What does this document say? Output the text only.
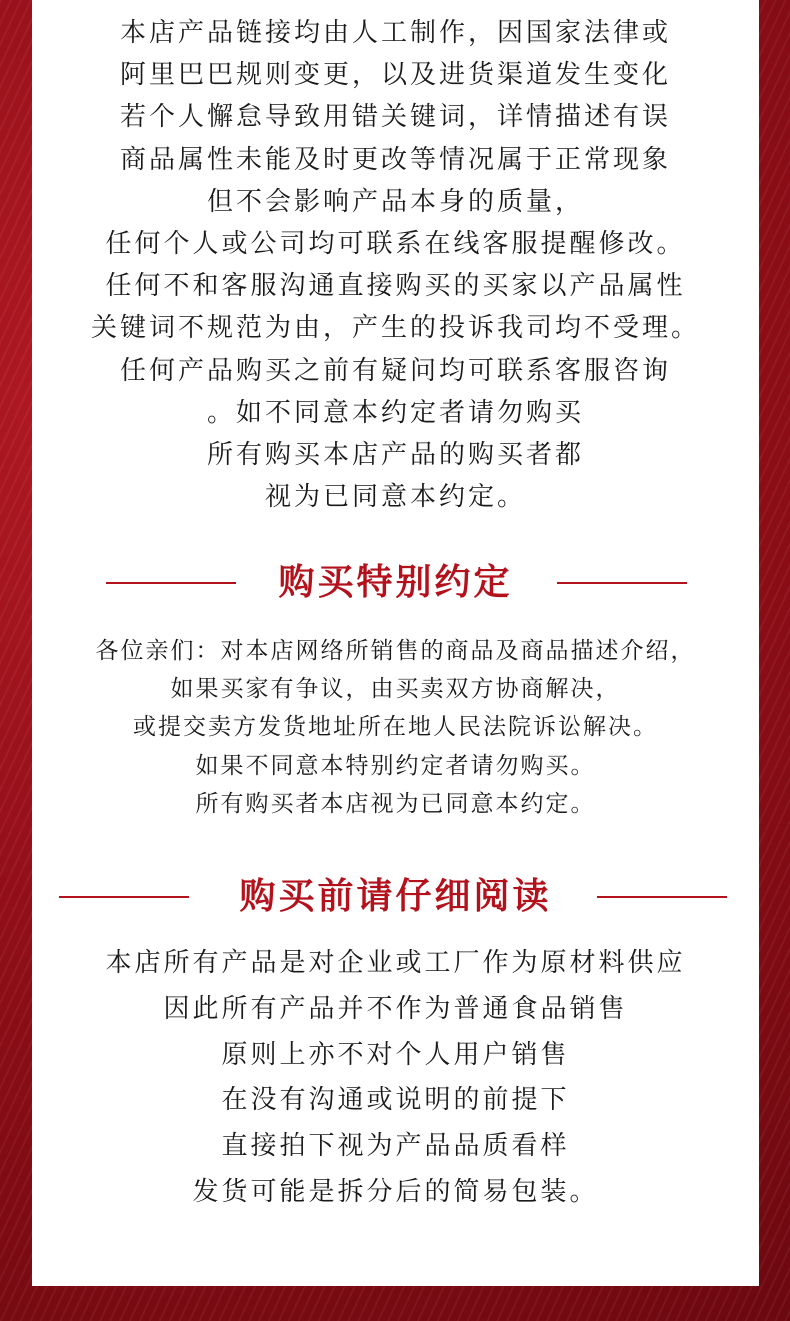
本店产品链接均由人工制作，因国家法律或
阿里巴巴规则变更，以及进货渠道发生变化
若个人懈怠导致用错关键词，详情描述有误
商品属性未能及时更改等情况属于正常现象
但不会影响产品本身的质量，
任何个人或公司均可联系在线客服提醒修改。
任何不和客服沟通直接购买的买家以产品属性
关键词不规范为由，产生的投诉我司均不受理。
任何产品购买之前有疑问均可联系客服咨询
。如不同意本约定者请勿购买
所有购买本店产品的购买者都
视为已同意本约定。
购买特别约定
各位亲们：对本店网络所销售的商品及商品描述介绍，
如果买家有争议，由买卖双方协商解决，
或提交卖方发货地址所在地人民法院诉讼解决。
如果不同意本特别约定者请勿购买。
所有购买者本店视为已同意本约定。
购买前请仔细阅读
本店所有产品是对企业或工厂作为原材料供应
因此所有产品并不作为普通食品销售
原则上亦不对个人用户销售
在没有沟通或说明的前提下
直接拍下视为产品品质看样
发货可能是拆分后的简易包装。
